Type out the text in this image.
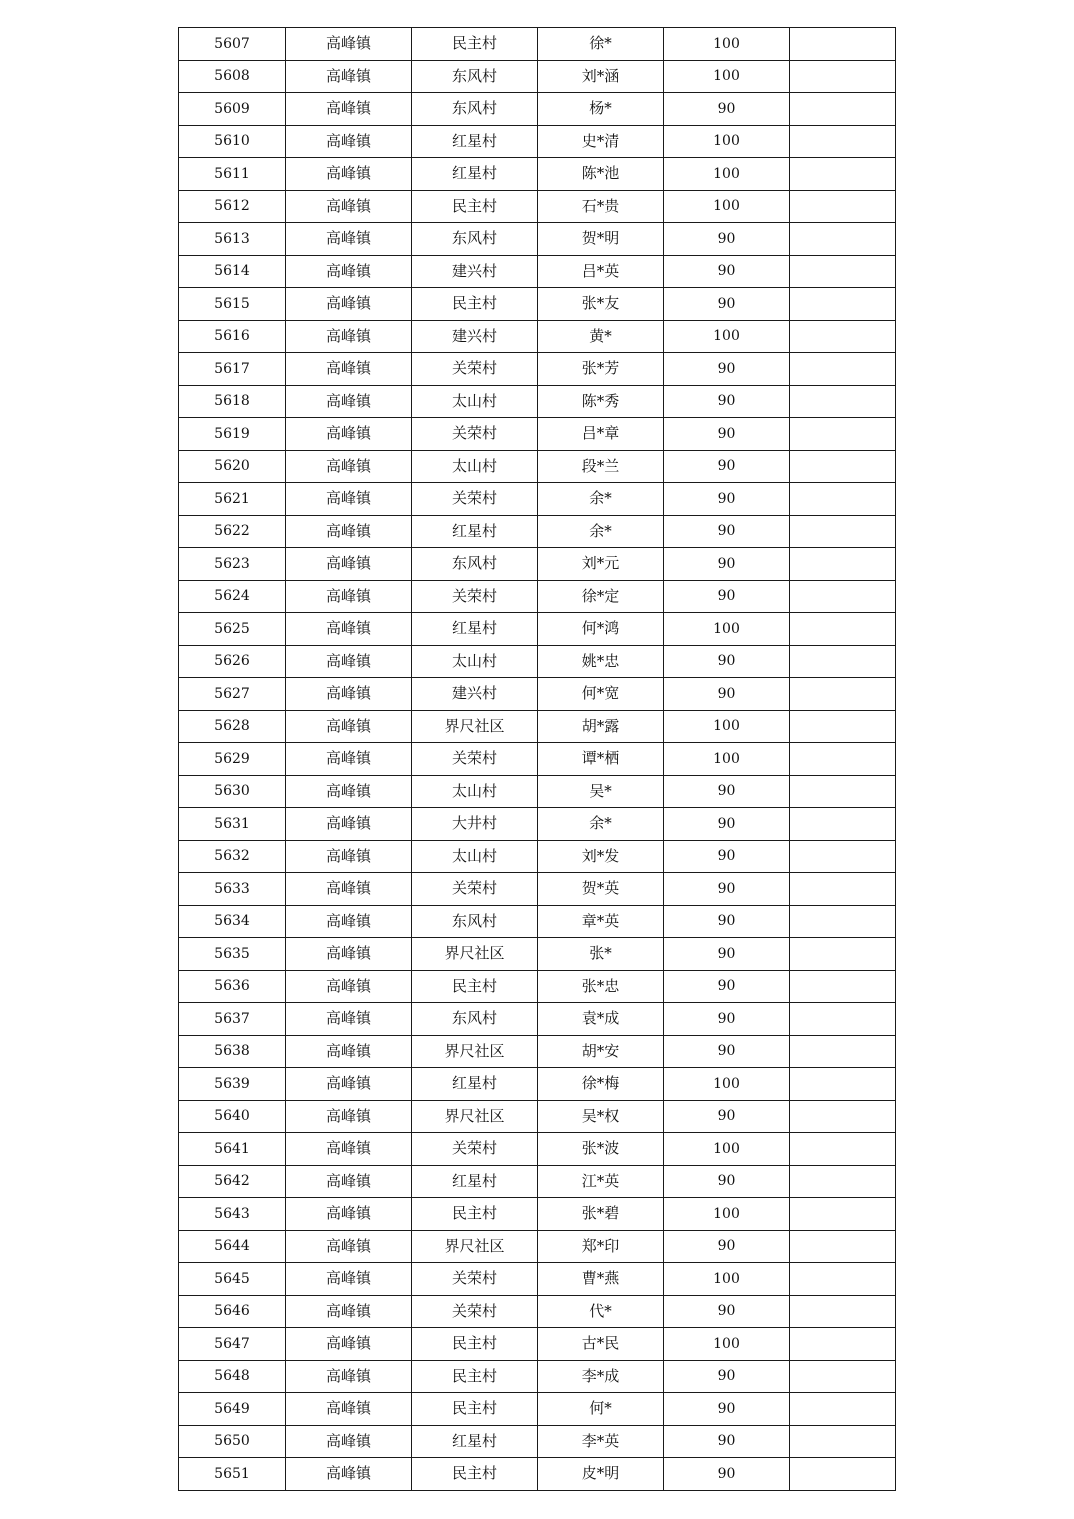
5607	高峰镇	民主村	徐*	100	
5608	高峰镇	东风村	刘*涵	100	
5609	高峰镇	东风村	杨*	90	
5610	高峰镇	红星村	史*清	100	
5611	高峰镇	红星村	陈*池	100	
5612	高峰镇	民主村	石*贵	100	
5613	高峰镇	东风村	贺*明	90	
5614	高峰镇	建兴村	吕*英	90	
5615	高峰镇	民主村	张*友	90	
5616	高峰镇	建兴村	黄*	100	
5617	高峰镇	关荣村	张*芳	90	
5618	高峰镇	太山村	陈*秀	90	
5619	高峰镇	关荣村	吕*章	90	
5620	高峰镇	太山村	段*兰	90	
5621	高峰镇	关荣村	余*	90	
5622	高峰镇	红星村	余*	90	
5623	高峰镇	东风村	刘*元	90	
5624	高峰镇	关荣村	徐*定	90	
5625	高峰镇	红星村	何*鸿	100	
5626	高峰镇	太山村	姚*忠	90	
5627	高峰镇	建兴村	何*宽	90	
5628	高峰镇	界尺社区	胡*露	100	
5629	高峰镇	关荣村	谭*栖	100	
5630	高峰镇	太山村	吴*	90	
5631	高峰镇	大井村	余*	90	
5632	高峰镇	太山村	刘*发	90	
5633	高峰镇	关荣村	贺*英	90	
5634	高峰镇	东风村	章*英	90	
5635	高峰镇	界尺社区	张*	90	
5636	高峰镇	民主村	张*忠	90	
5637	高峰镇	东风村	袁*成	90	
5638	高峰镇	界尺社区	胡*安	90	
5639	高峰镇	红星村	徐*梅	100	
5640	高峰镇	界尺社区	吴*权	90	
5641	高峰镇	关荣村	张*波	100	
5642	高峰镇	红星村	江*英	90	
5643	高峰镇	民主村	张*碧	100	
5644	高峰镇	界尺社区	郑*印	90	
5645	高峰镇	关荣村	曹*燕	100	
5646	高峰镇	关荣村	代*	90	
5647	高峰镇	民主村	古*民	100	
5648	高峰镇	民主村	李*成	90	
5649	高峰镇	民主村	何*	90	
5650	高峰镇	红星村	李*英	90	
5651	高峰镇	民主村	皮*明	90	
